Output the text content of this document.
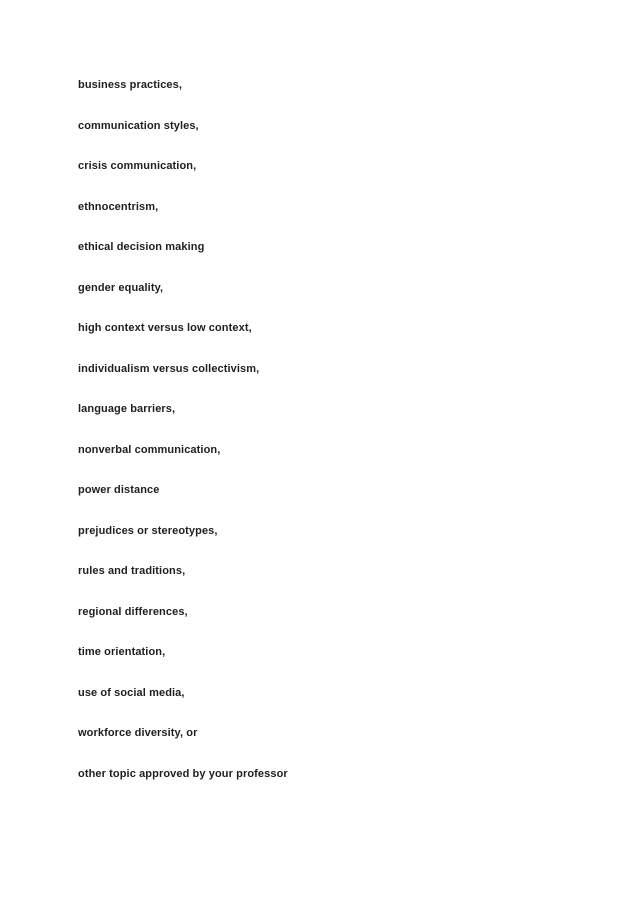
business practices,
communication styles,
crisis communication,
ethnocentrism,
ethical decision making
gender equality,
high context versus low context,
individualism versus collectivism,
language barriers,
nonverbal communication,
power distance
prejudices or stereotypes,
rules and traditions,
regional differences,
time orientation,
use of social media,
workforce diversity, or
other topic approved by your professor
